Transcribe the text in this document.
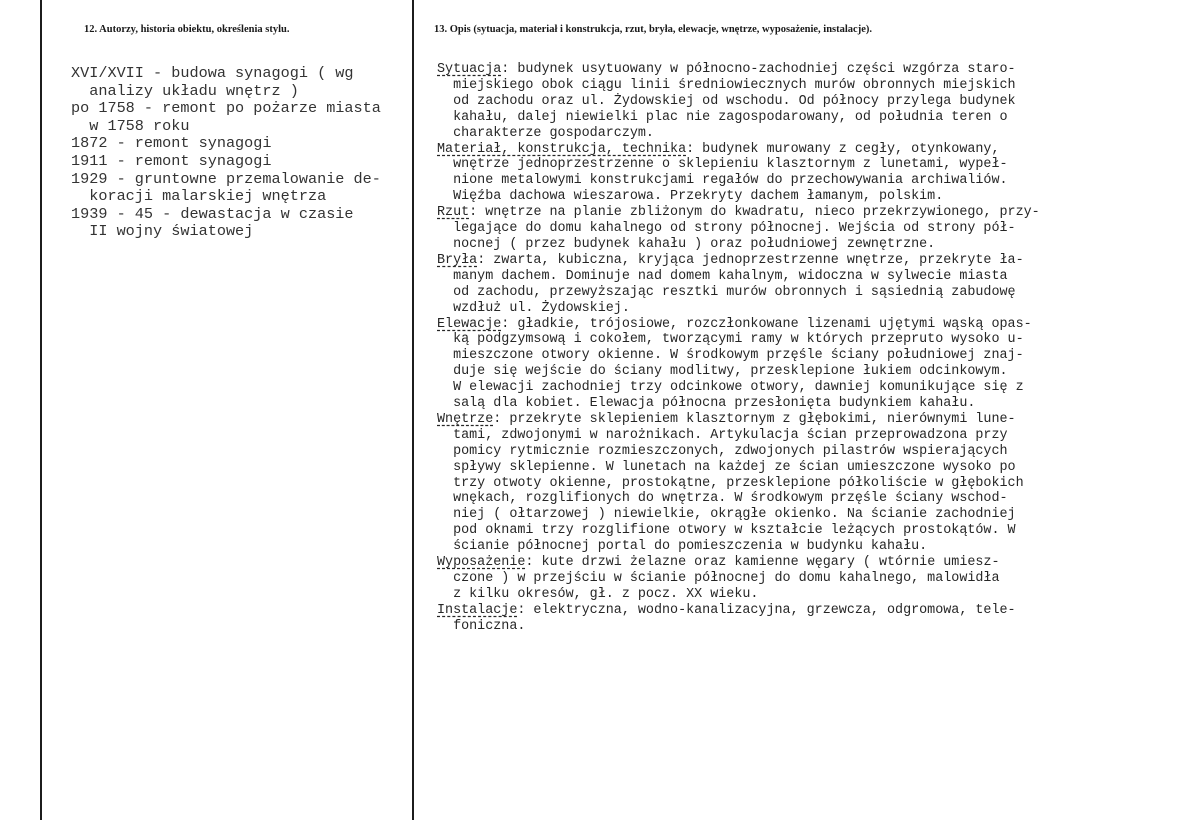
12. Autorzy, historia obiektu, określenia stylu.	13. Opis (sytuacja, materiał i konstrukcja, rzut, bryła, elewacje, wnętrze, wyposażenie, instalacje).
XVI/XVII - budowa synagogi ( wg
analizy układu wnętrz )
po 1758 - remont po pożarze miasta
w 1758 roku
1872 - remont synagogi
1911 - remont synagogi
1929 - gruntowne przemalowanie de-
koracji malarskiej wnętrza
1939 - 45 - dewastacja w czasie
II wojny światowej
Sytuacja: budynek usytuowany w północno-zachodniej części wzgórza staro-
miejskiego obok ciągu linii średniowiecznych murów obronnych miejskich
od zachodu oraz ul. Żydowskiej od wschodu. Od północy przylega budynek
kahału, dalej niewielki plac nie zagospodarowany, od południa teren o
charakterze gospodarczym.
Materiał, konstrukcja, technika: budynek murowany z cegły, otynkowany,
wnętrze jednoprzestrzenne o sklepieniu klasztornym z lunetami, wypeł-
nione metalowymi konstrukcjami regałów do przechowywania archiwaliów.
Więźba dachowa wieszarowa. Przekryty dachem łamanym, polskim.
Rzut: wnętrze na planie zbliżonym do kwadratu, nieco przekrzywionego, przy-
legające do domu kahalnego od strony północnej. Wejścia od strony pół-
nocnej ( przez budynek kahału ) oraz południowej zewnętrzne.
Bryła: zwarta, kubiczna, kryjąca jednoprzestrzenne wnętrze, przekryte ła-
manym dachem. Dominuje nad domem kahalnym, widoczna w sylwecie miasta
od zachodu, przewyższając resztki murów obronnych i sąsiednią zabudowę
wzdłuż ul. Żydowskiej.
Elewacje: gładkie, trójosiowe, rozczłonkowane lizenami ujętymi wąską opas-
ką podgzymsową i cokołem, tworzącymi ramy w których przepruto wysoko u-
mieszczone otwory okienne. W środkowym przęśle ściany południowej znaj-
duje się wejście do ściany modlitwy, przesklepione łukiem odcinkowym.
W elewacji zachodniej trzy odcinkowe otwory, dawniej komunikujące się z
salą dla kobiet. Elewacja północna przesłonięta budynkiem kahału.
Wnętrze: przekryte sklepieniem klasztornym z głębokimi, nierównymi lune-
tami, zdwojonymi w narożnikach. Artykulacja ścian przeprowadzona przy
pomicy rytmicznie rozmieszczonych, zdwojonych pilastrów wspierających
spływy sklepienne. W lunetach na każdej ze ścian umieszczone wysoko po
trzy otwoty okienne, prostokątne, przesklepione półkoliście w głębokich
wnękach, rozglifionych do wnętrza. W środkowym przęśle ściany wschod-
niej ( ołtarzowej ) niewielkie, okrągłe okienko. Na ścianie zachodniej
pod oknami trzy rozglifione otwory w kształcie leżących prostokątów. W
ścianie północnej portal do pomieszczenia w budynku kahału.
Wyposażenie: kute drzwi żelazne oraz kamienne węgary ( wtórnie umiesz-
czone ) w przejściu w ścianie północnej do domu kahalnego, malowidła
z kilku okresów, gł. z pocz. XX wieku.
Instalacje: elektryczna, wodno-kanalizacyjna, grzewcza, odgromowa, tele-
foniczna.
